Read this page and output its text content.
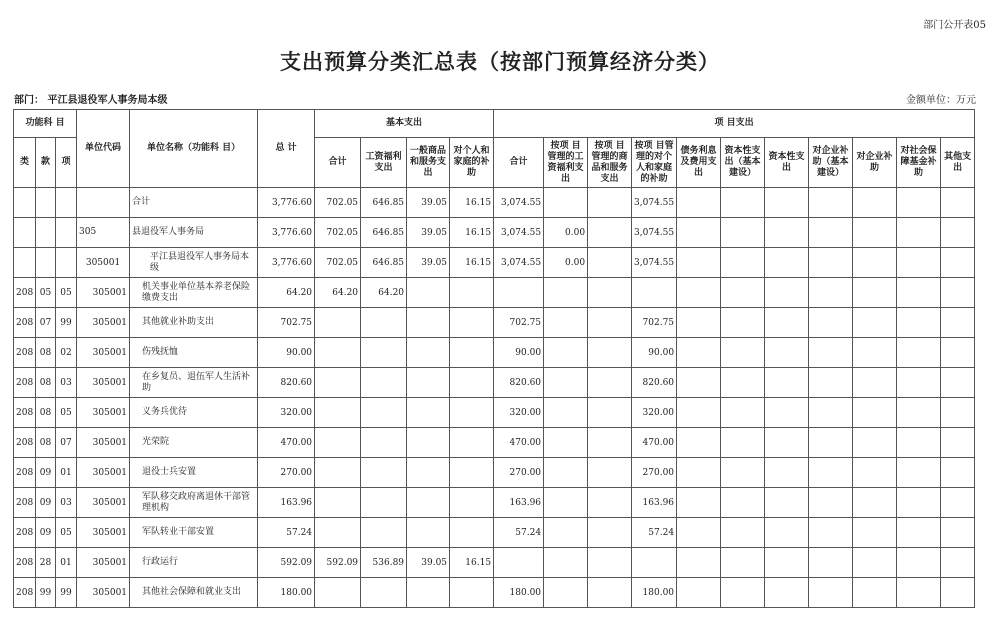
部门公开表05
支出预算分类汇总表（按部门预算经济分类）
部门： 平江县退役军人事务局本级	金额单位：万元
功能科 目			单位代码	单位名称（功能科 目）	总 计	基本支出				项 目支出										
类	款	项				合计	工资福利支出	一般商品和服务支出	对个人和家庭的补助	合计	按项 目管理的工资福利支出	按项 目管理的商品和服务支出	按项 目管理的对个人和家庭的补助	债务利息及费用支出	资本性支出（基本建设）	资本性支出	对企业补助（基本建设）	对企业补助	对社会保障基金补助	其他支出
				合计	3,776.60	702.05	646.85	39.05	16.15	3,074.55			3,074.55							
			305	县退役军人事务局	3,776.60	702.05	646.85	39.05	16.15	3,074.55	0.00		3,074.55							
			305001	平江县退役军人事务局本级	3,776.60	702.05	646.85	39.05	16.15	3,074.55	0.00		3,074.55							
208	05	05	305001	机关事业单位基本养老保险缴费支出	64.20	64.20	64.20													
208	07	99	305001	其他就业补助支出	702.75					702.75			702.75							
208	08	02	305001	伤残抚恤	90.00					90.00			90.00							
208	08	03	305001	在乡复员、退伍军人生活补助	820.60					820.60			820.60							
208	08	05	305001	义务兵优待	320.00					320.00			320.00							
208	08	07	305001	光荣院	470.00					470.00			470.00							
208	09	01	305001	退役士兵安置	270.00					270.00			270.00							
208	09	03	305001	军队移交政府离退休干部管理机构	163.96					163.96			163.96							
208	09	05	305001	军队转业干部安置	57.24					57.24			57.24							
208	28	01	305001	行政运行	592.09	592.09	536.89	39.05	16.15											
208	99	99	305001	其他社会保障和就业支出	180.00					180.00			180.00							
